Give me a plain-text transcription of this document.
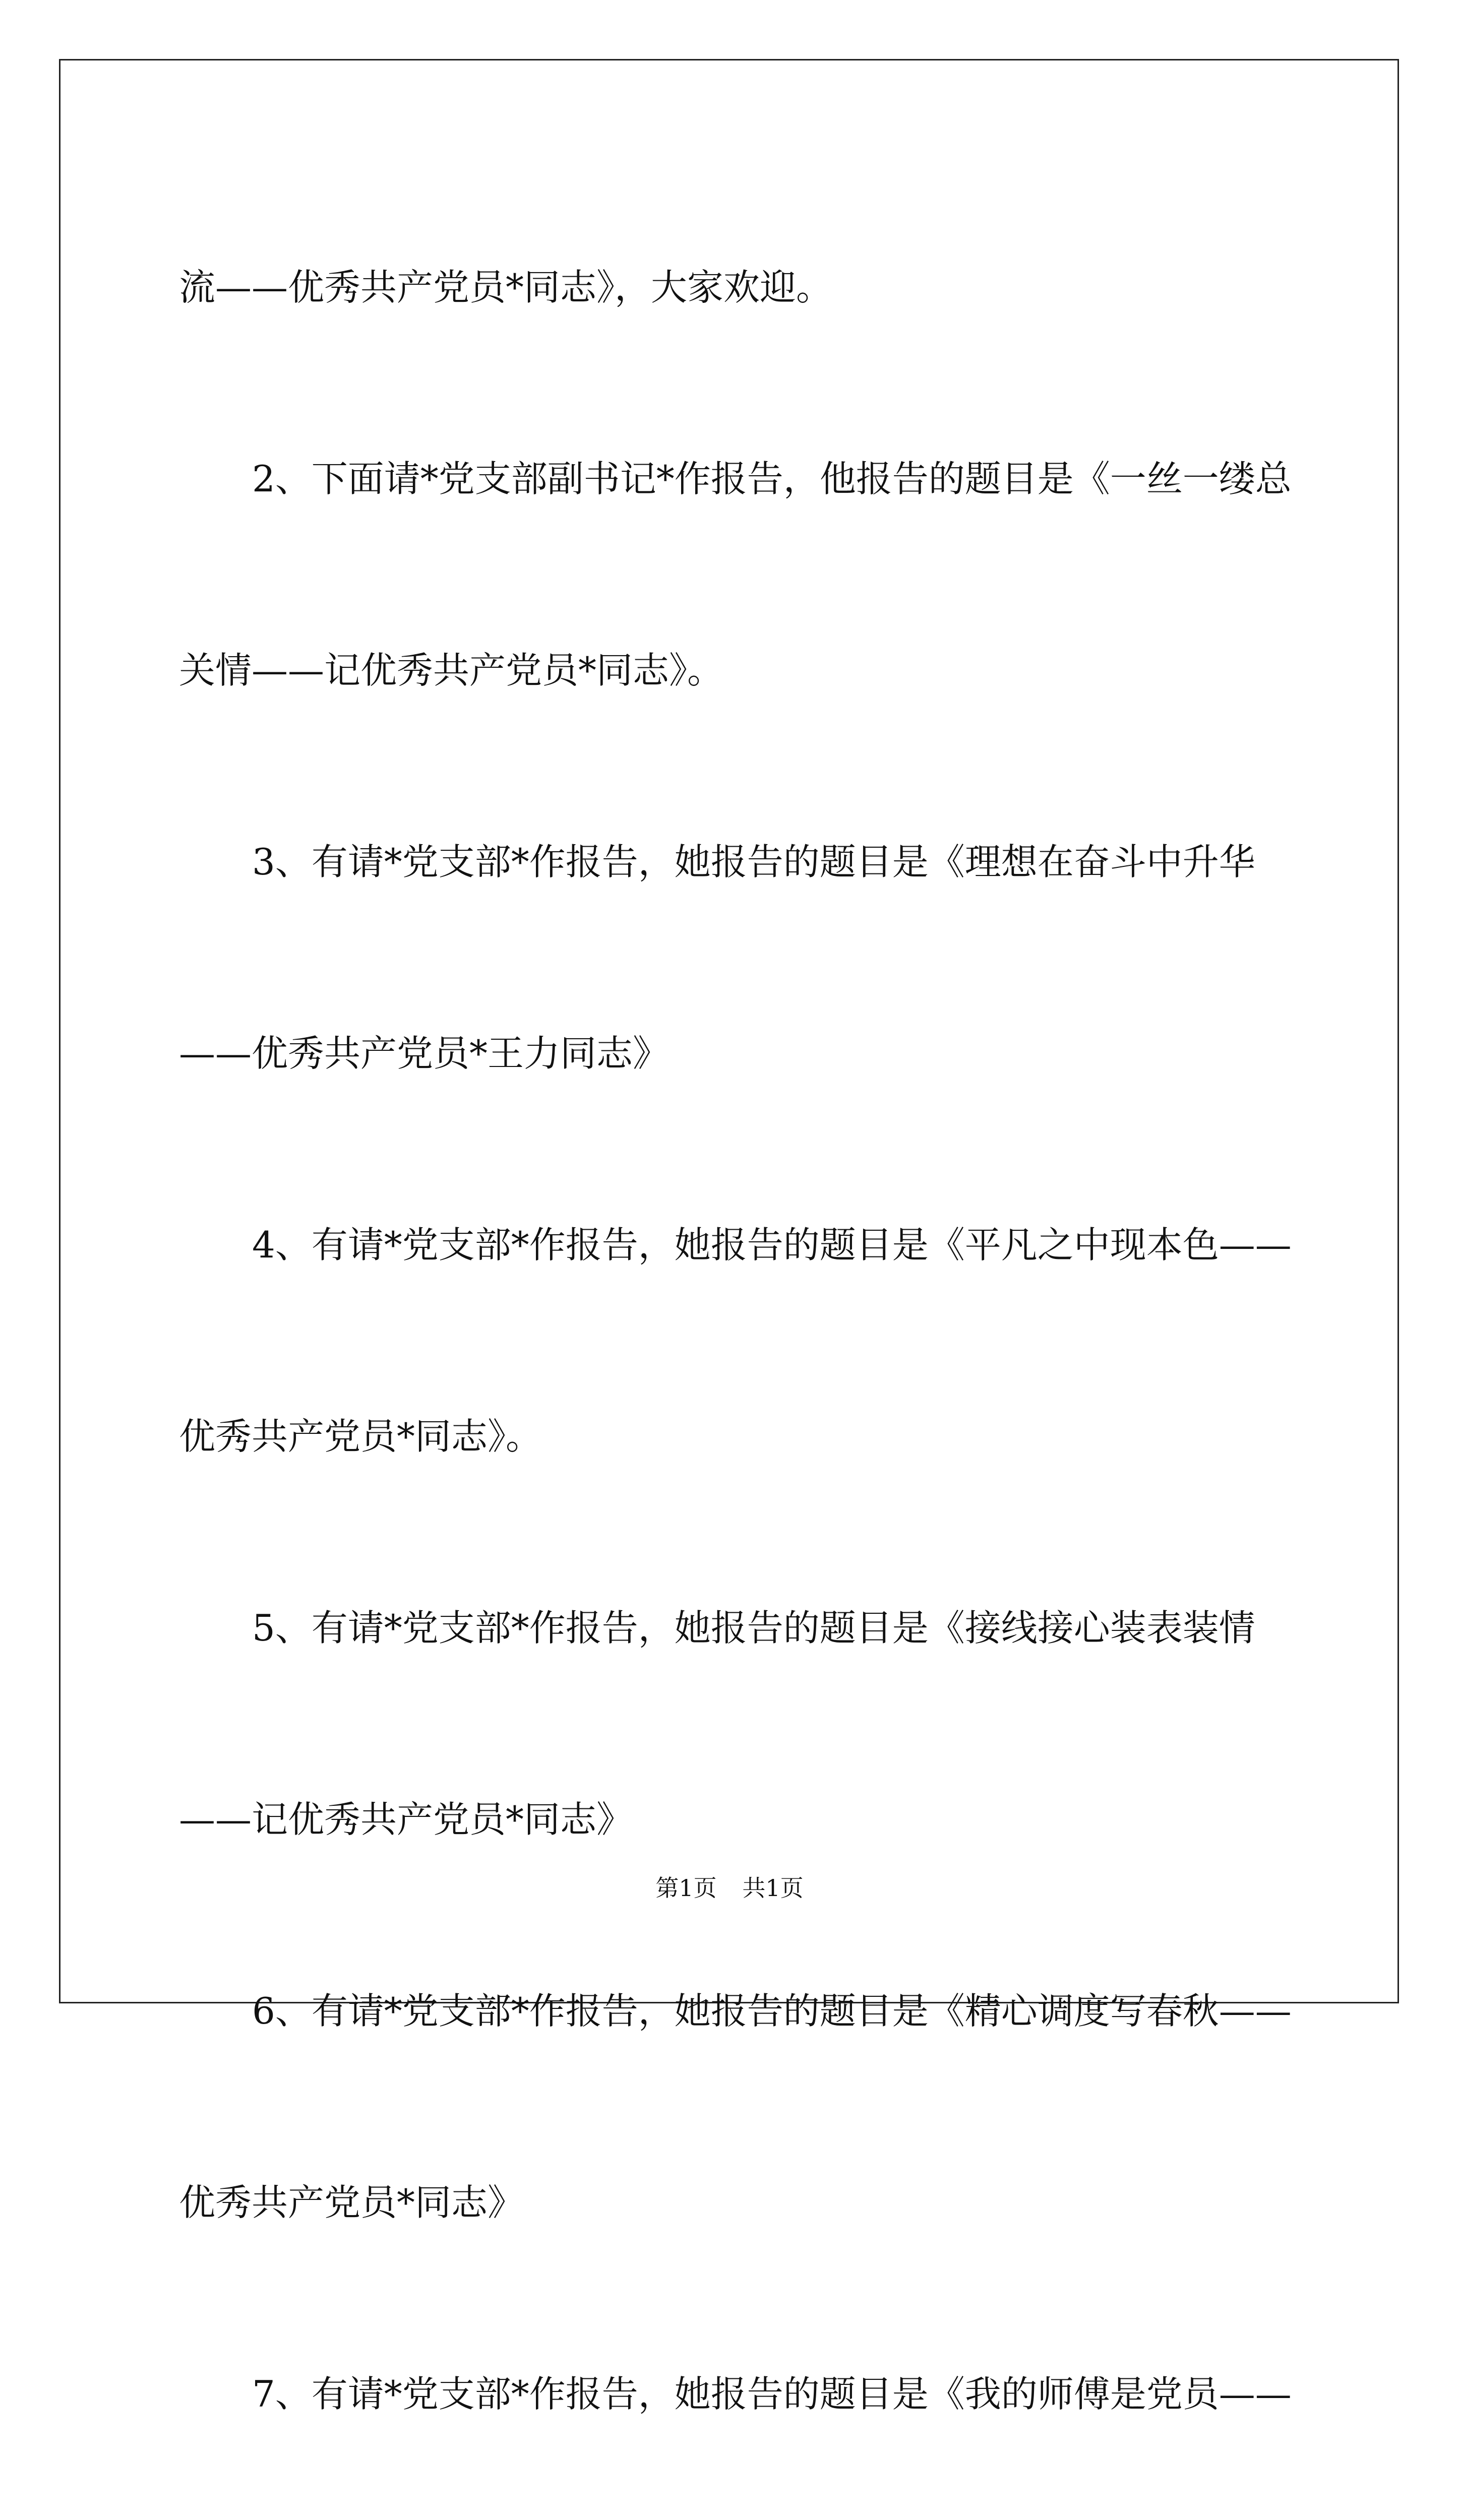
流——优秀共产党员*同志》，大家欢迎。

2、下面请*党支部副书记*作报告，他报告的题目是《一丝一缕总
关情——记优秀共产党员*同志》。

3、有请*党支部*作报告，她报告的题目是《理想在奋斗中升华
——优秀共产党员*王力同志》

4、有请*党支部*作报告，她报告的题目是《平凡之中现本色——
优秀共产党员*同志》。

5、有请*党支部*作报告，她报告的题目是《接线接心装表装情
——记优秀共产党员*同志》

6、有请*党支部*作报告，她报告的题目是《精心调度写春秋——
优秀共产党员*同志》

7、有请*党支部*作报告，她报告的题目是《我的师傅是党员——

第1页 共1页
